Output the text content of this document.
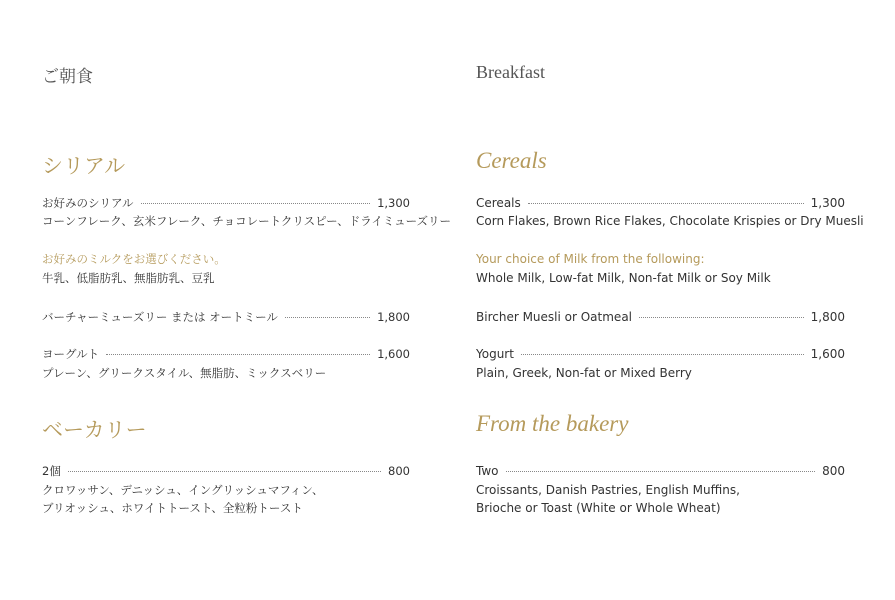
ご朝食
シリアル
お好みのシリアル	1,300
コーンフレーク、玄米フレーク、チョコレートクリスピー、ドライミューズリー
お好みのミルクをお選びください。
牛乳、低脂肪乳、無脂肪乳、豆乳
バーチャーミューズリー または オートミール	1,800
ヨーグルト	1,600
プレーン、グリークスタイル、無脂肪、ミックスベリー
ベーカリー
2個	800
クロワッサン、デニッシュ、イングリッシュマフィン、
ブリオッシュ、ホワイトトースト、全粒粉トースト
Breakfast
Cereals
Cereals	1,300
Corn Flakes, Brown Rice Flakes, Chocolate Krispies or Dry Muesli
Your choice of Milk from the following:
Whole Milk, Low-fat Milk, Non-fat Milk or Soy Milk
Bircher Muesli or Oatmeal	1,800
Yogurt	1,600
Plain, Greek, Non-fat or Mixed Berry
From the bakery
Two	800
Croissants, Danish Pastries, English Muffins,
Brioche or Toast (White or Whole Wheat)
